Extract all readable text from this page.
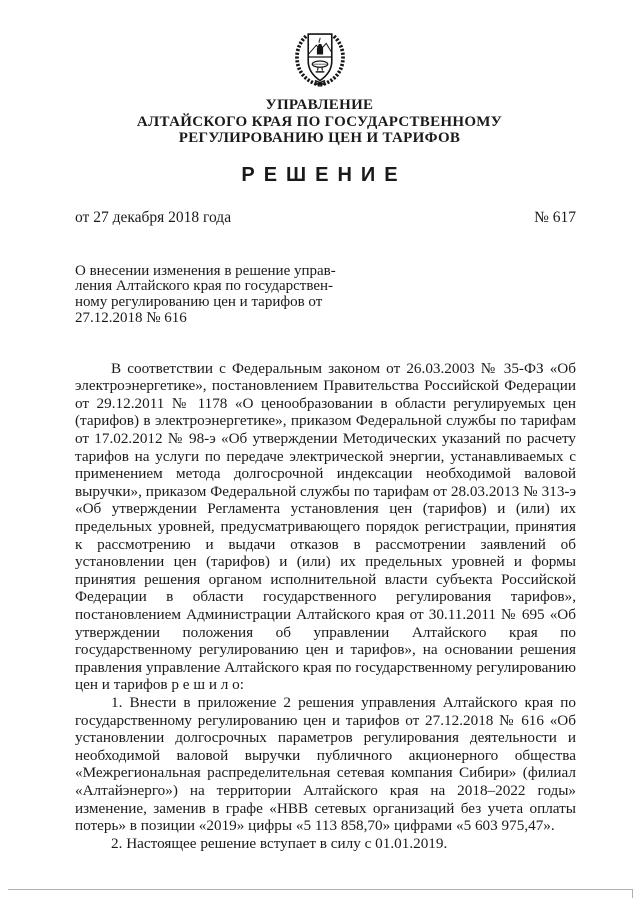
УПРАВЛЕНИЕ
АЛТАЙСКОГО КРАЯ ПО ГОСУДАРСТВЕННОМУ
РЕГУЛИРОВАНИЮ ЦЕН И ТАРИФОВ
РЕШЕНИЕ
от 27 декабря 2018 года	№ 617
О внесении изменения в решение управ-
ления Алтайского края по государствен-
ному регулированию цен и тарифов от
27.12.2018 № 616

В соответствии с Федеральным законом от 26.03.2003 № 35-ФЗ «Об электроэнергетике», постановлением Правительства Российской Федерации от 29.12.2011 № 1178 «О ценообразовании в области регулируемых цен (тарифов) в электроэнергетике», приказом Федеральной службы по тарифам от 17.02.2012 № 98-э «Об утверждении Методических указаний по расчету тарифов на услуги по передаче электрической энергии, устанавливаемых с применением метода долгосрочной индексации необходимой валовой выручки», приказом Федеральной службы по тарифам от 28.03.2013 № 313-э «Об утверждении Регламента установления цен (тарифов) и (или) их предельных уровней, предусматривающего порядок регистрации, принятия к рассмотрению и выдачи отказов в рассмотрении заявлений об установлении цен (тарифов) и (или) их предельных уровней и формы принятия решения органом исполнительной власти субъекта Российской Федерации в области государственного регулирования тарифов», постановлением Администрации Алтайского края от 30.11.2011 № 695 «Об утверждении положения об управлении Алтайского края по государственному регулированию цен и тарифов», на основании решения правления управление Алтайского края по государственному регулированию цен и тарифов р е ш и л о:

1. Внести в приложение 2 решения управления Алтайского края по государственному регулированию цен и тарифов от 27.12.2018 № 616 «Об установлении долгосрочных параметров регулирования деятельности и необходимой валовой выручки публичного акционерного общества «Межрегиональная распределительная сетевая компания Сибири» (филиал «Алтайэнерго») на территории Алтайского края на 2018–2022 годы» изменение, заменив в графе «НВВ сетевых организаций без учета оплаты потерь» в позиции «2019» цифры «5 113 858,70» цифрами «5 603 975,47».

2. Настоящее решение вступает в силу с 01.01.2019.
